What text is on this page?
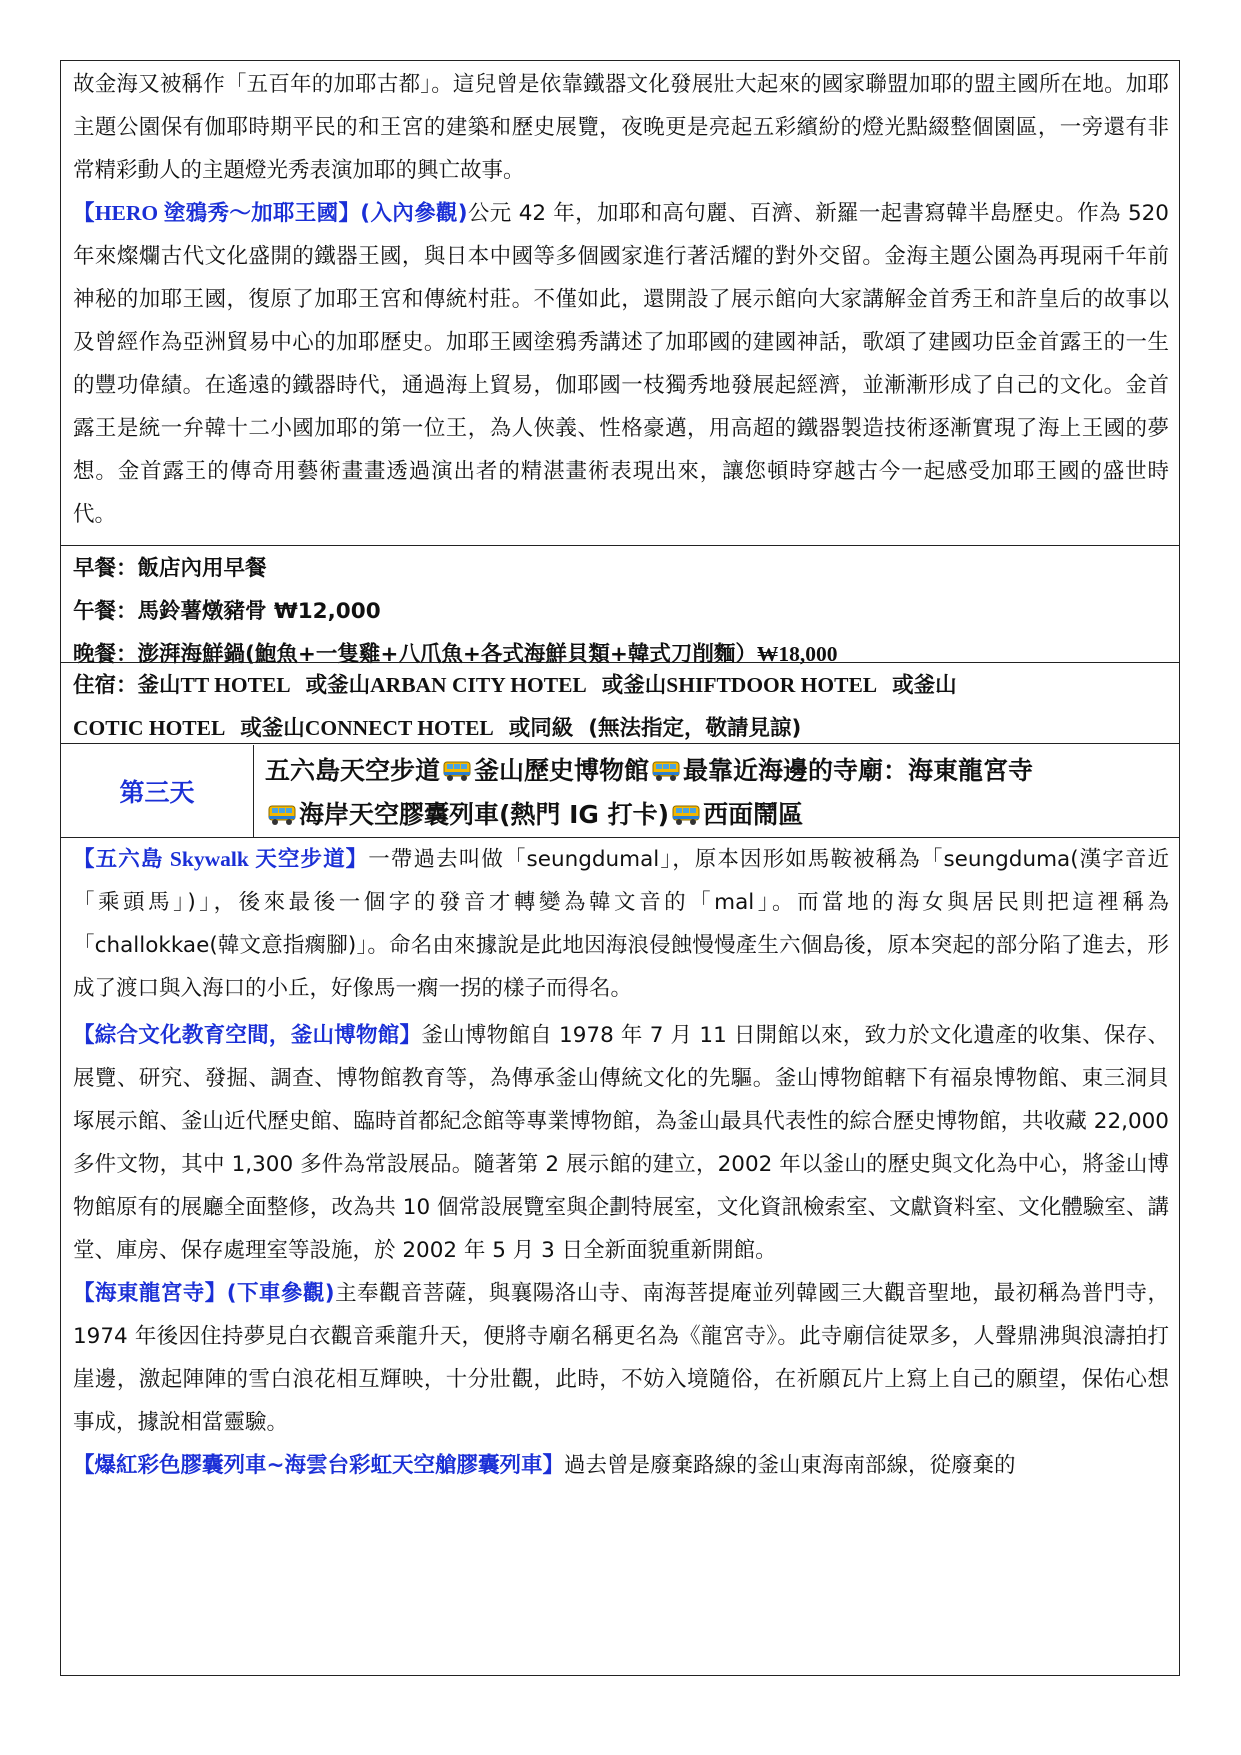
故金海又被稱作「五百年的加耶古都」。這兒曾是依靠鐵器文化發展壯大起來的國家聯盟加耶的盟主國所在地。加耶主題公園保有伽耶時期平民的和王宮的建築和歷史展覽，夜晚更是亮起五彩繽紛的燈光點綴整個園區，一旁還有非常精彩動人的主題燈光秀表演加耶的興亡故事。
【HERO 塗鴉秀～加耶王國】(入內參觀)公元 42 年，加耶和高句麗、百濟、新羅一起書寫韓半島歷史。作為 520 年來燦爛古代文化盛開的鐵器王國，與日本中國等多個國家進行著活耀的對外交留。金海主題公園為再現兩千年前神秘的加耶王國，復原了加耶王宮和傳統村莊。不僅如此，還開設了展示館向大家講解金首秀王和許皇后的故事以及曾經作為亞洲貿易中心的加耶歷史。加耶王國塗鴉秀講述了加耶國的建國神話，歌頌了建國功臣金首露王的一生的豐功偉績。在遙遠的鐵器時代，通過海上貿易，伽耶國一枝獨秀地發展起經濟，並漸漸形成了自己的文化。金首露王是統一弁韓十二小國加耶的第一位王，為人俠義、性格豪邁，用高超的鐵器製造技術逐漸實現了海上王國的夢想。金首露王的傳奇用藝術畫畫透過演出者的精湛畫術表現出來，讓您頓時穿越古今一起感受加耶王國的盛世時代。

早餐：飯店內用早餐

午餐：馬鈴薯燉豬骨 ₩12,000

晚餐：澎湃海鮮鍋(鮑魚+一隻雞+八爪魚+各式海鮮貝類+韓式刀削麵）₩18,000

住宿：釜山TT HOTEL  或釜山ARBAN CITY HOTEL  或釜山SHIFTDOOR HOTEL  或釜山

COTIC HOTEL  或釜山CONNECT HOTEL  或同級  (無法指定，敬請見諒)

第三天
五六島天空步道 釜山歷史博物館 最靠近海邊的寺廟：海東龍宮寺
海岸天空膠囊列車(熱門 IG 打卡) 西面鬧區

【五六島 Skywalk 天空步道】一帶過去叫做「seungdumal」，原本因形如馬鞍被稱為「seungduma(漢字音近「乘頭馬」)」，後來最後一個字的發音才轉變為韓文音的「mal」。而當地的海女與居民則把這裡稱為「challokkae(韓文意指瘸腳)」。命名由來據說是此地因海浪侵蝕慢慢產生六個島後，原本突起的部分陷了進去，形成了渡口與入海口的小丘，好像馬一瘸一拐的樣子而得名。

【綜合文化教育空間，釜山博物館】釜山博物館自 1978 年 7 月 11 日開館以來，致力於文化遺產的收集、保存、展覽、研究、發掘、調查、博物館教育等，為傳承釜山傳統文化的先驅。釜山博物館轄下有福泉博物館、東三洞貝塚展示館、釜山近代歷史館、臨時首都紀念館等專業博物館，為釜山最具代表性的綜合歷史博物館，共收藏 22,000 多件文物，其中 1,300 多件為常設展品。隨著第 2 展示館的建立，2002 年以釜山的歷史與文化為中心，將釜山博物館原有的展廳全面整修，改為共 10 個常設展覽室與企劃特展室，文化資訊檢索室、文獻資料室、文化體驗室、講堂、庫房、保存處理室等設施，於 2002 年 5 月 3 日全新面貌重新開館。

【海東龍宮寺】(下車參觀)主奉觀音菩薩，與襄陽洛山寺、南海菩提庵並列韓國三大觀音聖地，最初稱為普門寺，1974 年後因住持夢見白衣觀音乘龍升天，便將寺廟名稱更名為《龍宮寺》。此寺廟信徒眾多，人聲鼎沸與浪濤拍打崖邊，激起陣陣的雪白浪花相互輝映，十分壯觀，此時，不妨入境隨俗，在祈願瓦片上寫上自己的願望，保佑心想事成，據說相當靈驗。

【爆紅彩色膠囊列車~海雲台彩虹天空艙膠囊列車】過去曾是廢棄路線的釜山東海南部線，從廢棄的
